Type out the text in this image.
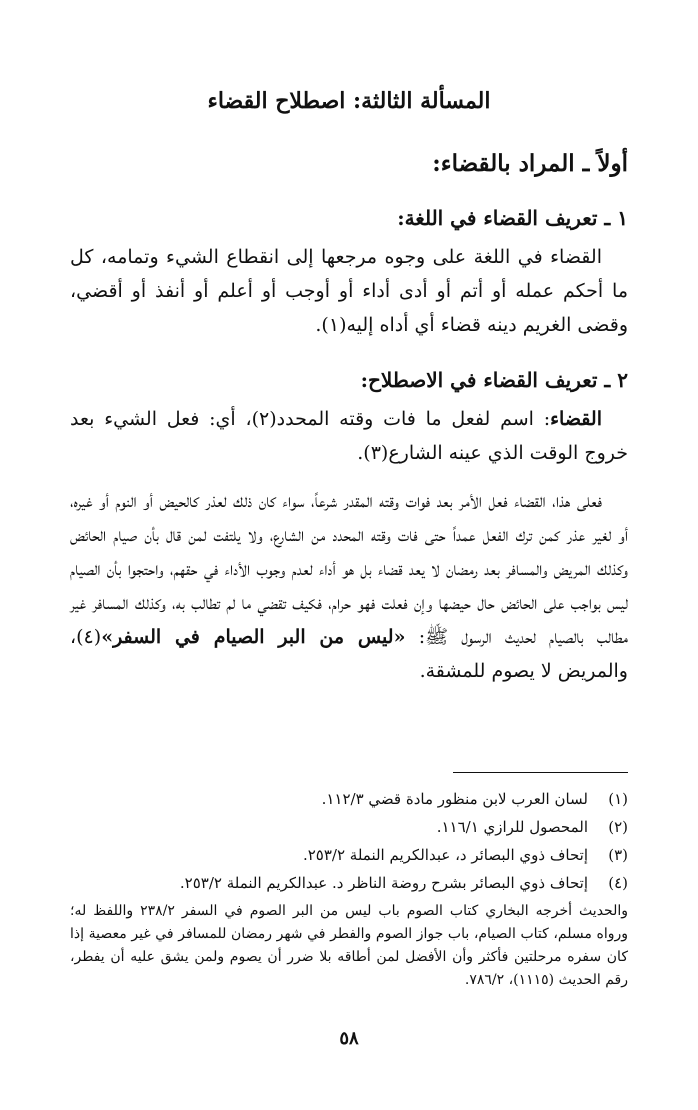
المسألة الثالثة: اصطلاح القضاء
أولاً ـ المراد بالقضاء:
١ ـ تعريف القضاء في اللغة:

القضاء في اللغة على وجوه مرجعها إلى انقطاع الشيء وتمامه، كل ما أحكم عمله أو أتم أو أدى أداء أو أوجب أو أعلم أو أنفذ أو أقضي، وقضى الغريم دينه قضاء أي أداه إليه(١).

٢ ـ تعريف القضاء في الاصطلاح:

القضاء: اسم لفعل ما فات وقته المحدد(٢)، أي: فعل الشيء بعد خروج الوقت الذي عينه الشارع(٣).

فعلى هذا، القضاء فعل الأمر بعد فوات وقته المقدر شرعاً، سواء كان ذلك لعذر كالحيض أو النوم أو غيره، أو لغير عذر كمن ترك الفعل عمداً حتى فات وقته المحدد من الشارع، ولا يلتفت لمن قال بأن صيام الحائض وكذلك المريض والمسافر بعد رمضان لا يعد قضاء بل هو أداء لعدم وجوب الأداء في حقهم، واحتجوا بأن الصيام ليس بواجب على الحائض حال حيضها وإن فعلت فهو حرام، فكيف تقضي ما لم تطالب به، وكذلك المسافر غير مطالب بالصيام لحديث الرسول ﷺ: «ليس من البر الصيام في السفر»(٤)، والمريض لا يصوم للمشقة.

(١)لسان العرب لابن منظور مادة قضي ١١٢/٣.
(٢)المحصول للرازي ١١٦/١.
(٣)إتحاف ذوي البصائر د، عبدالكريم النملة ٢٥٣/٢.
(٤)إتحاف ذوي البصائر بشرح روضة الناظر د. عبدالكريم النملة ٢٥٣/٢.
والحديث أخرجه البخاري كتاب الصوم باب ليس من البر الصوم في السفر ٢٣٨/٢ واللفظ له؛ ورواه مسلم، كتاب الصيام، باب جواز الصوم والفطر في شهر رمضان للمسافر في غير معصية إذا كان سفره مرحلتين فأكثر وأن الأفضل لمن أطاقه بلا ضرر أن يصوم ولمن يشق عليه أن يفطر، رقم الحديث (١١١٥)، ٧٨٦/٢.
٥٨
